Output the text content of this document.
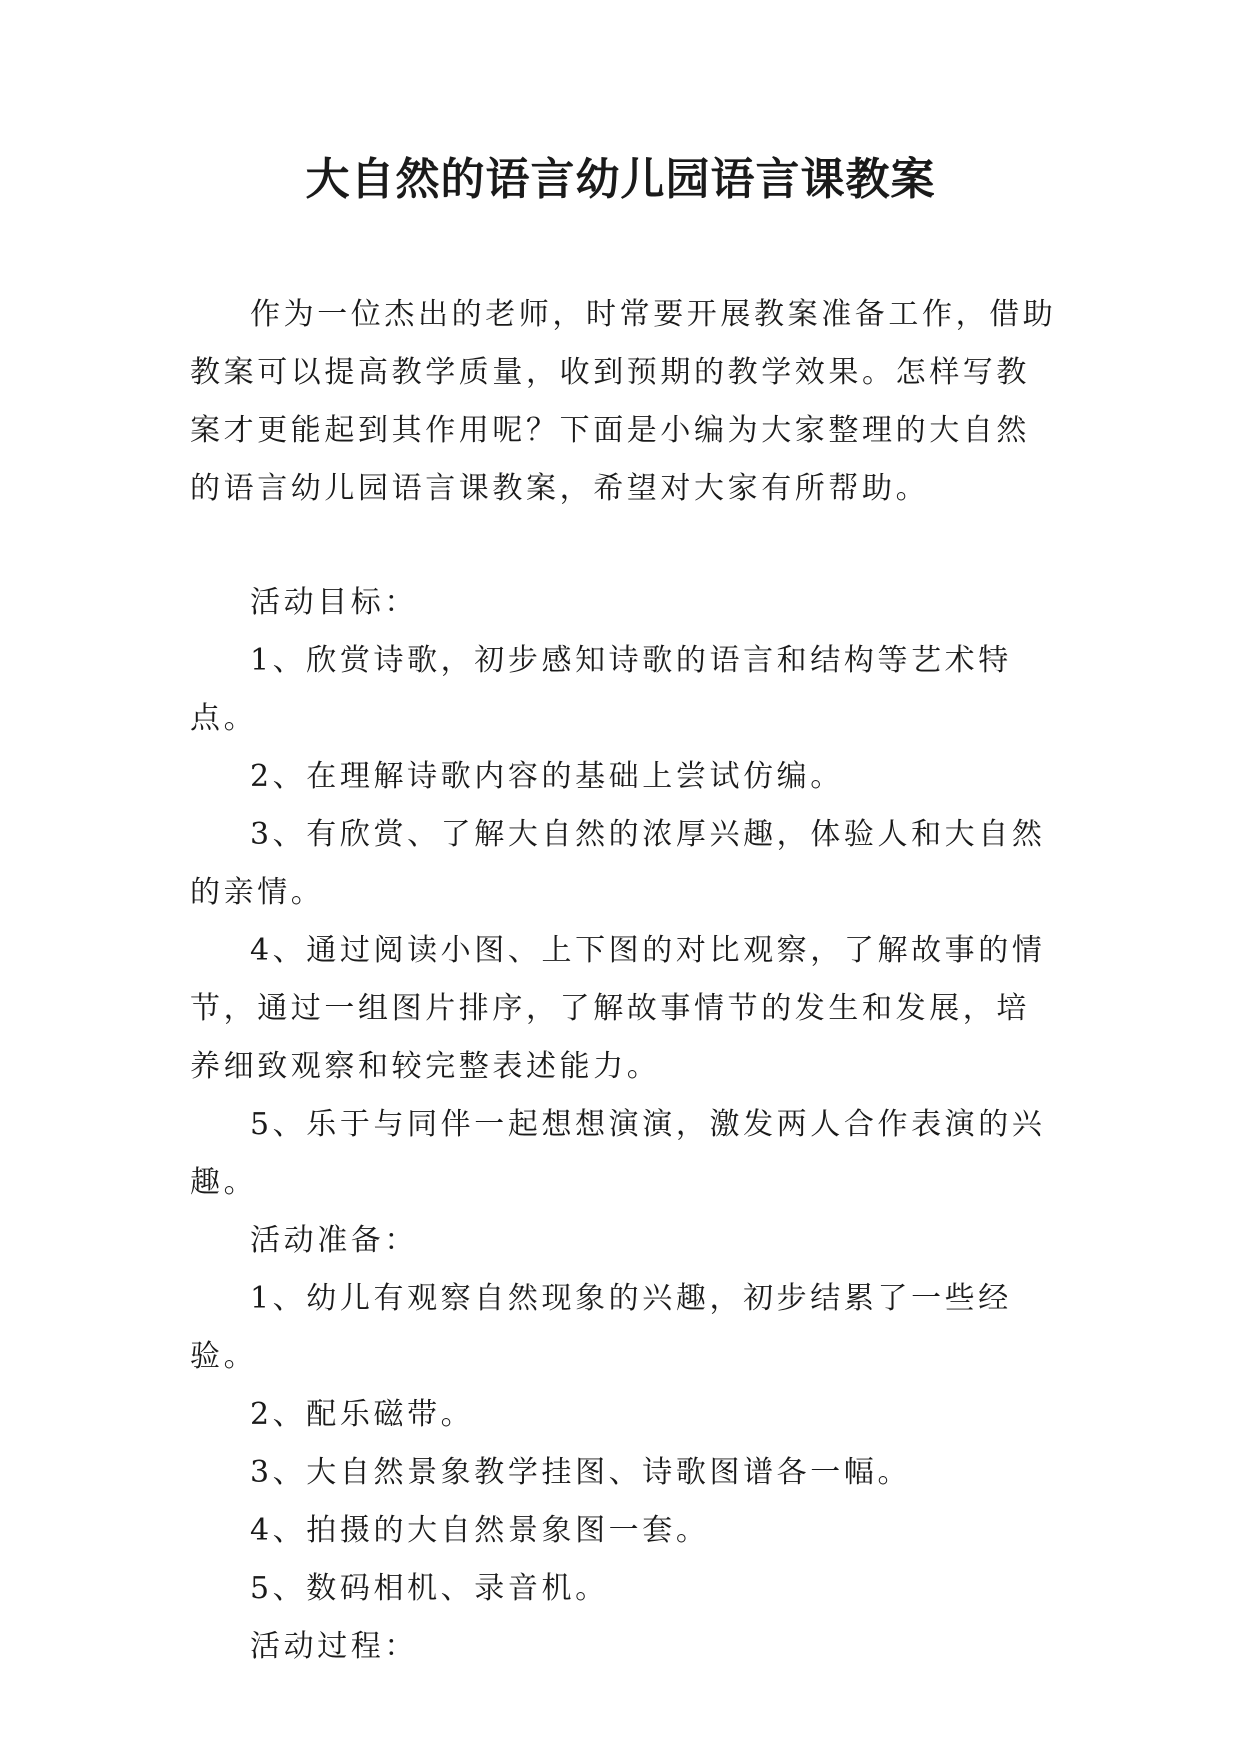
大自然的语言幼儿园语言课教案

作为一位杰出的老师，时常要开展教案准备工作，借助教案可以提高教学质量，收到预期的教学效果。怎样写教案才更能起到其作用呢？下面是小编为大家整理的大自然的语言幼儿园语言课教案，希望对大家有所帮助。

活动目标：

1、欣赏诗歌，初步感知诗歌的语言和结构等艺术特点。

2、在理解诗歌内容的基础上尝试仿编。

3、有欣赏、了解大自然的浓厚兴趣，体验人和大自然的亲情。

4、通过阅读小图、上下图的对比观察，了解故事的情节，通过一组图片排序，了解故事情节的发生和发展，培养细致观察和较完整表述能力。

5、乐于与同伴一起想想演演，激发两人合作表演的兴趣。

活动准备：

1、幼儿有观察自然现象的兴趣，初步结累了一些经验。

2、配乐磁带。

3、大自然景象教学挂图、诗歌图谱各一幅。

4、拍摄的大自然景象图一套。

5、数码相机、录音机。

活动过程：
